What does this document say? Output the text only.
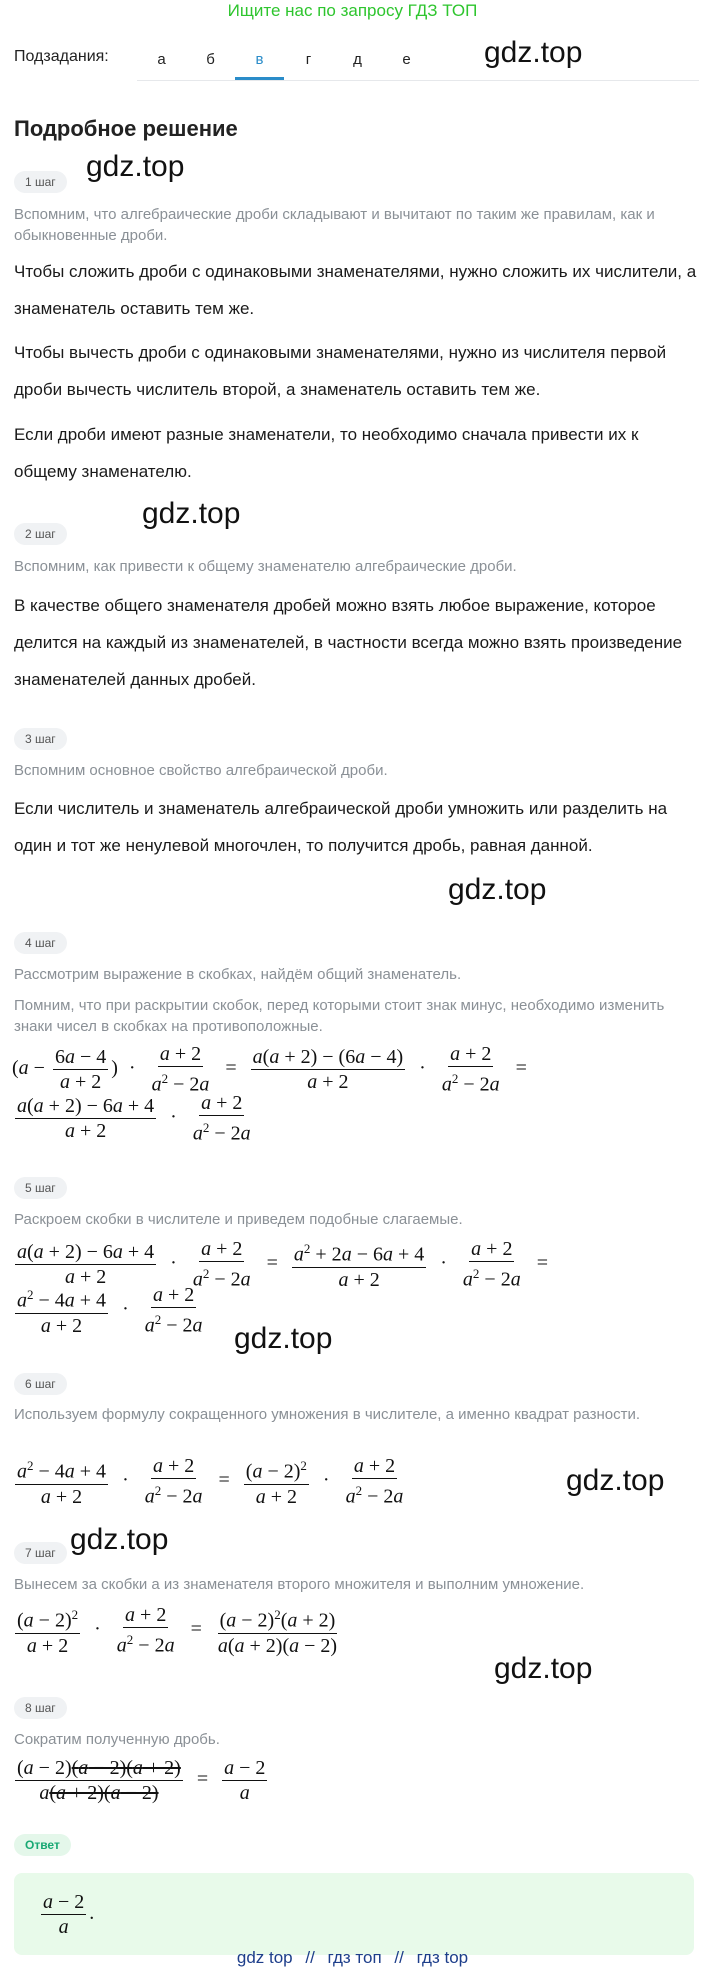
Ищите нас по запросу ГДЗ ТОП
Подзадания:	а	б	в	г	д	е	gdz.top
Подробное решение
1 шаг	gdz.top
Вспомним, что алгебраические дроби складывают и вычитают по таким же правилам, как и обыкновенные дроби.
Чтобы сложить дроби с одинаковыми знаменателями, нужно сложить их числители, а знаменатель оставить тем же.
Чтобы вычесть дроби с одинаковыми знаменателями, нужно из числителя первой дроби вычесть числитель второй, а знаменатель оставить тем же.
Если дроби имеют разные знаменатели, то необходимо сначала привести их к общему знаменателю.
2 шаг
gdz.top
Вспомним, как привести к общему знаменателю алгебраические дроби.
В качестве общего знаменателя дробей можно взять любое выражение, которое делится на каждый из знаменателей, в частности всегда можно взять произведение знаменателей данных дробей.
3 шаг
Вспомним основное свойство алгебраической дроби.
Если числитель и знаменатель алгебраической дроби умножить или разделить на один и тот же ненулевой многочлен, то получится дробь, равная данной.
gdz.top
4 шаг
Рассмотрим выражение в скобках, найдём общий знаменатель.
Помним, что при раскрытии скобок, перед которыми стоит знак минус, необходимо изменить знаки чисел в скобках на противоположные.
($a - \frac{6a - 4}{a + 2}$ ) · $\frac{a + 2}{a^2 - 2a} = \frac{a(a + 2) - (6a - 4)}{a + 2} \cdot \frac{a + 2}{a^2 - 2a}$ =
$\frac{a(a + 2) - 6a + 4}{a + 2} \cdot \frac{a + 2}{a^2 - 2a}$
5 шаг
Раскроем скобки в числителе и приведем подобные слагаемые.
$\frac{a(a + 2) - 6a + 4}{a + 2} \cdot \frac{a + 2}{a^2 - 2a} = \frac{a^2 + 2a - 6a + 4}{a + 2} \cdot \frac{a + 2}{a^2 - 2a}$ =
$\frac{a^2 - 4a + 4}{a + 2} \cdot \frac{a + 2}{a^2 - 2a}$
gdz.top
6 шаг
Используем формулу сокращенного умножения в числителе, а именно квадрат разности.
$\frac{a^2 - 4a + 4}{a + 2} \cdot \frac{a + 2}{a^2 - 2a} = \frac{(a - 2)^2}{a + 2} \cdot \frac{a + 2}{a^2 - 2a}$	gdz.top
7 шаг gdz.top
Вынесем за скобки a из знаменателя второго множителя и выполним умножение.
$\frac{(a - 2)^2}{a + 2} \cdot \frac{a + 2}{a^2 - 2a} = \frac{(a - 2)^2(a + 2)}{a(a + 2)(a - 2)}$
gdz.top
8 шаг
Сократим полученную дробь.
$\frac{(a - 2)(a - 2)(a + 2)}{a(a + 2)(a - 2)} = \frac{a - 2}{a}$
Ответ
$\frac{a - 2}{a}$ .
gdz top // гдз топ // гдз top
